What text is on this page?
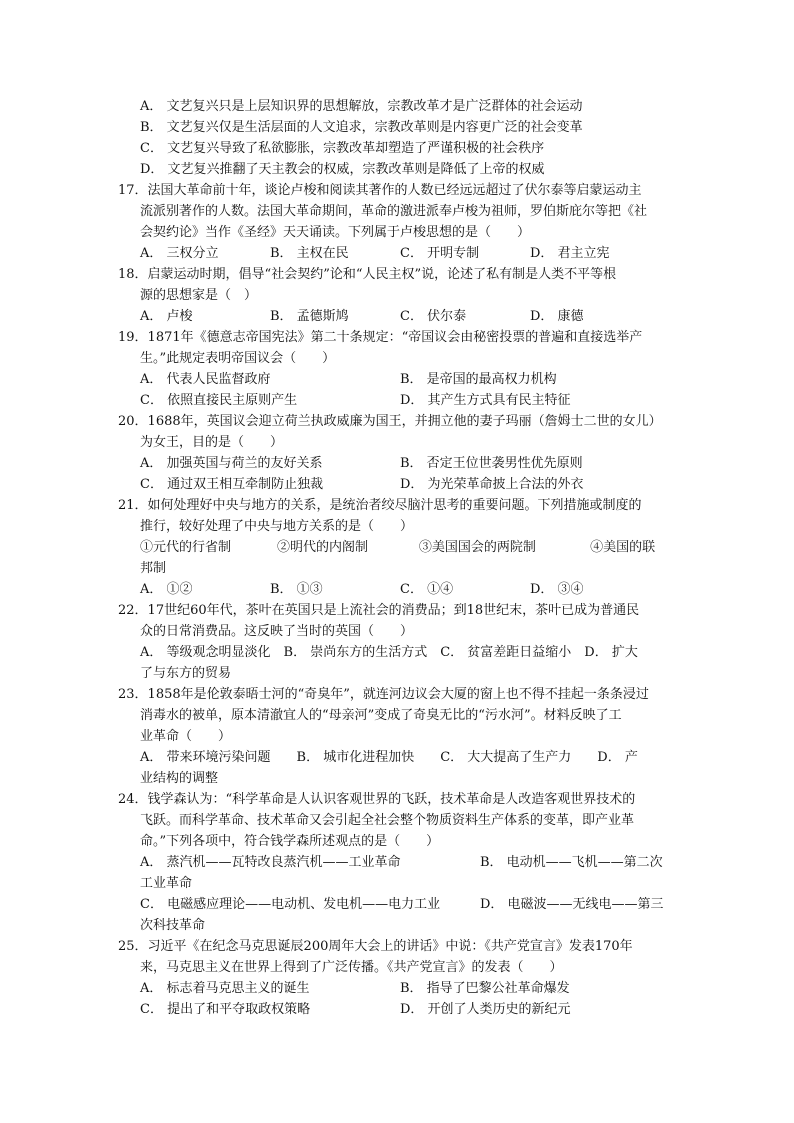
A． 文艺复兴只是上层知识界的思想解放，宗教改革才是广泛群体的社会运动
B． 文艺复兴仅是生活层面的人文追求，宗教改革则是内容更广泛的社会变革
C． 文艺复兴导致了私欲膨胀，宗教改革却塑造了严谨积极的社会秩序
D． 文艺复兴推翻了天主教会的权威，宗教改革则是降低了上帝的权威
17．法国大革命前十年，谈论卢梭和阅读其著作的人数已经远远超过了伏尔泰等启蒙运动主
流派别著作的人数。法国大革命期间，革命的激进派奉卢梭为祖师，罗伯斯庇尔等把《社
会契约论》当作《圣经》天天诵读。下列属于卢梭思想的是（　　）
A． 三权分立	B． 主权在民	C． 开明专制	D． 君主立宪
18．启蒙运动时期，倡导“社会契约”论和“人民主权”说，论述了私有制是人类不平等根
源的思想家是（　）
A． 卢梭	B． 孟德斯鸠	C． 伏尔泰	D． 康德
19．1871年《德意志帝国宪法》第二十条规定：“帝国议会由秘密投票的普遍和直接选举产
生。”此规定表明帝国议会（　　）
A． 代表人民监督政府	B． 是帝国的最高权力机构
C． 依照直接民主原则产生	D． 其产生方式具有民主特征
20．1688年，英国议会迎立荷兰执政威廉为国王，并拥立他的妻子玛丽（詹姆士二世的女儿）
为女王，目的是（　　）
A． 加强英国与荷兰的友好关系	B． 否定王位世袭男性优先原则
C． 通过双王相互牵制防止独裁	D． 为光荣革命披上合法的外衣
21．如何处理好中央与地方的关系，是统治者绞尽脑汁思考的重要问题。下列措施或制度的
推行，较好处理了中央与地方关系的是（　　）
①元代的行省制	②明代的内阁制	③美国国会的两院制	④美国的联
邦制
A． ①②	B． ①③	C． ①④	D． ③④
22．17世纪60年代，茶叶在英国只是上流社会的消费品；到18世纪末，茶叶已成为普通民
众的日常消费品。这反映了当时的英国（　　）
A． 等级观念明显淡化　B． 崇尚东方的生活方式　C． 贫富差距日益缩小　D． 扩大
了与东方的贸易
23．1858年是伦敦泰晤士河的“奇臭年”，就连河边议会大厦的窗上也不得不挂起一条条浸过
消毒水的被单，原本清澈宜人的“母亲河”变成了奇臭无比的“污水河”。材料反映了工
业革命（　　）
A． 带来环境污染问题　　B． 城市化进程加快　　C． 大大提高了生产力　　D． 产
业结构的调整
24．钱学森认为：“科学革命是人认识客观世界的飞跃，技术革命是人改造客观世界技术的
飞跃。而科学革命、技术革命又会引起全社会整个物质资料生产体系的变革，即产业革
命。”下列各项中，符合钱学森所述观点的是（　　）
A． 蒸汽机——瓦特改良蒸汽机——工业革命	B． 电动机——飞机——第二次
工业革命
C． 电磁感应理论——电动机、发电机——电力工业	D． 电磁波——无线电——第三
次科技革命
25．习近平《在纪念马克思诞辰200周年大会上的讲话》中说：《共产党宣言》发表170年
来，马克思主义在世界上得到了广泛传播。《共产党宣言》的发表（　　）
A． 标志着马克思主义的诞生	B． 指导了巴黎公社革命爆发
C． 提出了和平夺取政权策略	D． 开创了人类历史的新纪元
